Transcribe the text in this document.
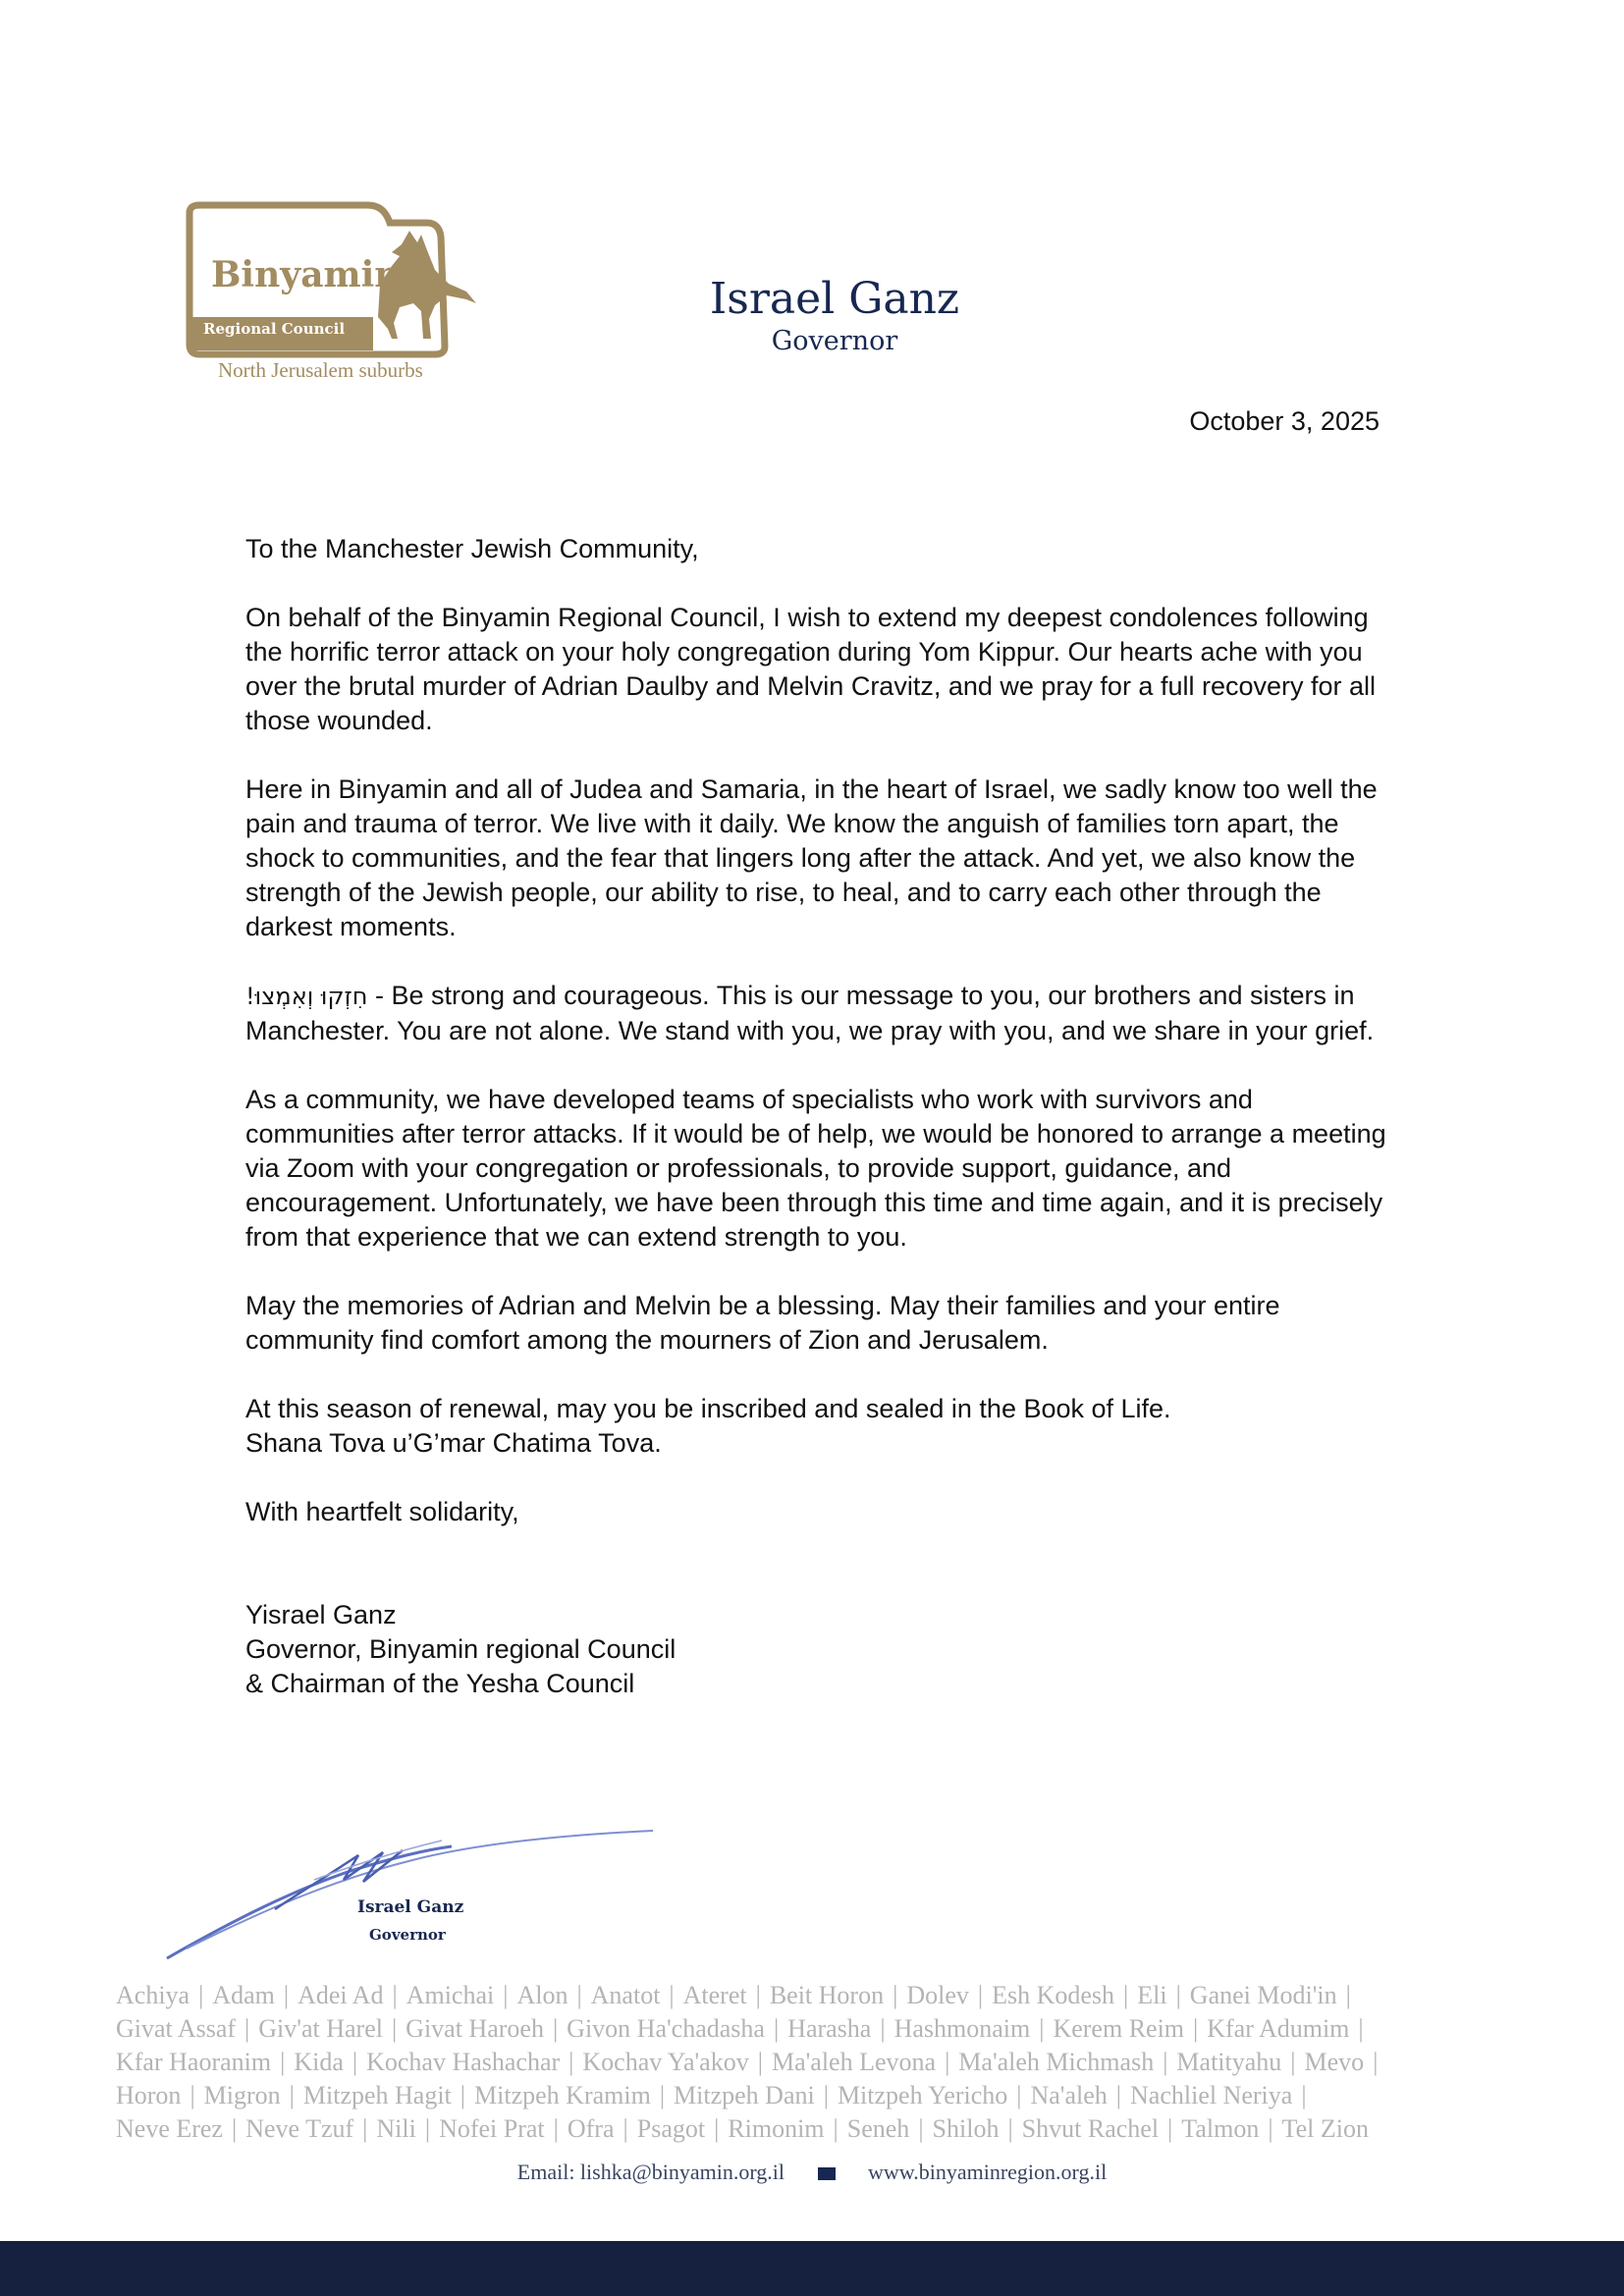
Binyamin
Regional Council
North Jerusalem suburbs
Israel Ganz
Governor
October 3, 2025

To the Manchester Jewish Community,

On behalf of the Binyamin Regional Council, I wish to extend my deepest condolences following the horrific terror attack on your holy congregation during Yom Kippur. Our hearts ache with you over the brutal murder of Adrian Daulby and Melvin Cravitz, and we pray for a full recovery for all those wounded.

Here in Binyamin and all of Judea and Samaria, in the heart of Israel, we sadly know too well the pain and trauma of terror. We live with it daily. We know the anguish of families torn apart, the shock to communities, and the fear that lingers long after the attack. And yet, we also know the strength of the Jewish people, our ability to rise, to heal, and to carry each other through the darkest moments.

חִזְקוּ וְאִמְצוּ! - Be strong and courageous. This is our message to you, our brothers and sisters in Manchester. You are not alone. We stand with you, we pray with you, and we share in your grief.

As a community, we have developed teams of specialists who work with survivors and communities after terror attacks. If it would be of help, we would be honored to arrange a meeting via Zoom with your congregation or professionals, to provide support, guidance, and encouragement. Unfortunately, we have been through this time and time again, and it is precisely from that experience that we can extend strength to you.

May the memories of Adrian and Melvin be a blessing. May their families and your entire community find comfort among the mourners of Zion and Jerusalem.

At this season of renewal, may you be inscribed and sealed in the Book of Life.
Shana Tova u’G’mar Chatima Tova.

With heartfelt solidarity,

Yisrael Ganz
Governor, Binyamin regional Council
& Chairman of the Yesha Council
Israel Ganz
Governor
Achiya | Adam | Adei Ad | Amichai | Alon | Anatot | Ateret | Beit Horon | Dolev | Esh Kodesh | Eli | Ganei Modi'in |
Givat Assaf | Giv'at Harel | Givat Haroeh | Givon Ha'chadasha | Harasha | Hashmonaim | Kerem Reim | Kfar Adumim |
Kfar Haoranim | Kida | Kochav Hashachar | Kochav Ya'akov | Ma'aleh Levona | Ma'aleh Michmash | Matityahu | Mevo |
Horon | Migron | Mitzpeh Hagit | Mitzpeh Kramim | Mitzpeh Dani | Mitzpeh Yericho | Na'aleh | Nachliel Neriya |
Neve Erez | Neve Tzuf | Nili | Nofei Prat | Ofra | Psagot | Rimonim | Seneh | Shiloh | Shvut Rachel | Talmon | Tel Zion
Email: lishka@binyamin.org.il	www.binyaminregion.org.il
